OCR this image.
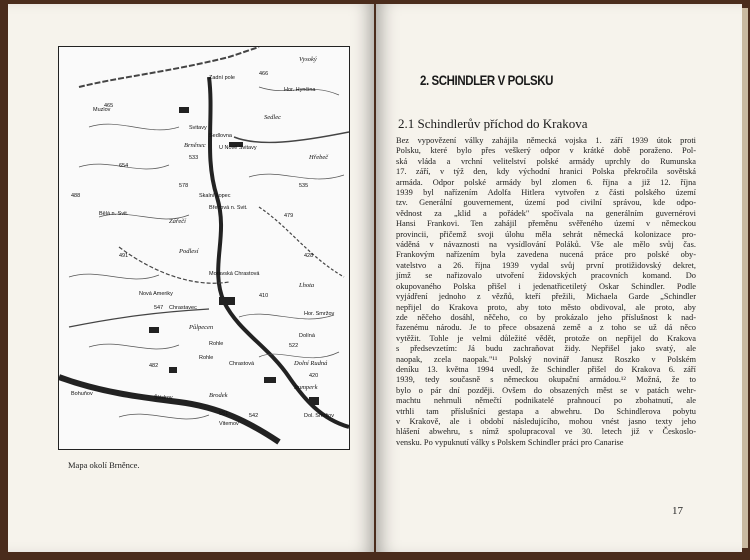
Vysoký
Zadní pole
Hor. Hynčina
Brněnec
Muzlov
Svitavy
Sedlec
Sedlovna
U Nové Svitavy
Hřebeč
Skalní kopec
Březová n. Svit.
Zářečí
Bělá n. Svit.
Moravská Chrastová
Podlesí
Nová Ameriky
Chrastavec
Půlpecen
Rohle
Chrastová	Dolní Rudná
Bohuňov
Šlédrov	Brodek
Vitemov
Dol. Smržov
Rumperk
Hor. Smržov
Dolíná
Lhota
Rohle
465
466
533
479
488
535
547
551
428
482
491
522
420
542
578
654
410
Mapa okolí Brněnce.
2. SCHINDLER V POLSKU
2.1 Schindlerův příchod do Krakova
Bez vypovězení války zahájila německá vojska 1. září 1939 útok proti
Polsku, které bylo přes veškerý odpor v krátké době poraženo. Pol-
ská vláda a vrchní velitelství polské armády uprchly do Rumunska
17. září, v týž den, kdy východní hranici Polska překročila sovětská
armáda. Odpor polské armády byl zlomen 6. října a již 12. října
1939 byl nařízením Adolfa Hitlera vytvořen z části polského území
tzv. Generální gouvernement, území pod civilní správou, kde odpo-
vědnost za „klid a pořádek" spočívala na generálním guvernérovi
Hansi Frankovi. Ten zahájil přeměnu svěřeného území v německou
provincii, přičemž svoji úlohu měla sehrát německá kolonizace pro-
váděná v návaznosti na vysídlování Poláků. Vše ale mělo svůj čas.
Frankovým nařízením byla zavedena nucená práce pro polské oby-
vatelstvo a 26. října 1939 vydal svůj první protižidovský dekret,
jímž se nařizovalo utvoření židovských pracovních komand. Do
okupovaného Polska přišel i jedenatřicetiletý Oskar Schindler. Podle
vyjádření jednoho z vězňů, kteří přežili, Michaela Garde „Schindler
nepřijel do Krakova proto, aby toto město obdivoval, ale proto, aby
zde něčeho dosáhl, něčeho, co by prokázalo jeho příslušnost k nad-
řazenému národu. Je to přece obsazená země a z toho se už dá něco
vytěžit. Tohle je velmi důležité vědět, protože on nepřijel do Krakova
s předsevzetím: Já budu zachraňovat židy. Nepřišel jako svatý, ale
naopak, zcela naopak."¹¹ Polský novinář Janusz Roszko v Polském
deníku 13. května 1994 uvedl, že Schindler přišel do Krakova 6. září
1939, tedy současně s německou okupační armádou.¹² Možná, že to
bylo o pár dní později. Ovšem do obsazených měst se v patách wehr-
machtu nehrnuli němečtí podnikatelé prahnoucí po zbohatnutí, ale
vtrhli tam příslušníci gestapa a abwehru. Do Schindlerova pobytu
v Krakově, ale i období následujícího, mohou vnést jasno texty jeho
hlášení abwehru, s nímž spolupracoval ve 30. letech již v Českoslo-
vensku. Po vypuknutí války s Polskem Schindler práci pro Canarise
17
